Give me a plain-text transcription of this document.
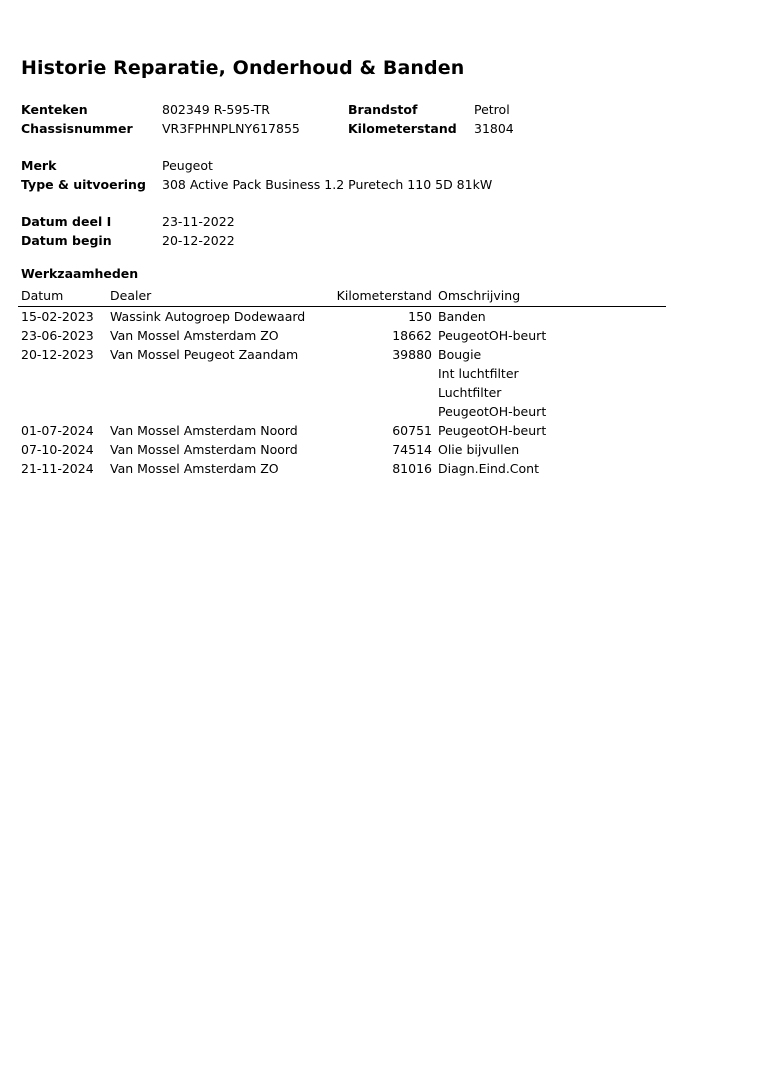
Historie Reparatie, Onderhoud & Banden
Kenteken	802349 R-595-TR	Brandstof	Petrol
Chassisnummer VR3FPHNPLNY617855	Kilometerstand 31804
Merk	Peugeot
Type & uitvoering 308 Active Pack Business 1.2 Puretech 110 5D 81kW
Datum deel I	23-11-2022
Datum begin	20-12-2022
Werkzaamheden
Datum	Dealer	Kilometerstand	Omschrijving
15-02-2023	Wassink Autogroep Dodewaard	150	Banden
23-06-2023	Van Mossel Amsterdam ZO	18662	PeugeotOH-beurt
20-12-2023	Van Mossel Peugeot Zaandam	39880	Bougie
			Int luchtfilter
			Luchtfilter
			PeugeotOH-beurt
01-07-2024	Van Mossel Amsterdam Noord	60751	PeugeotOH-beurt
07-10-2024	Van Mossel Amsterdam Noord	74514	Olie bijvullen
21-11-2024	Van Mossel Amsterdam ZO	81016	Diagn.Eind.Cont
